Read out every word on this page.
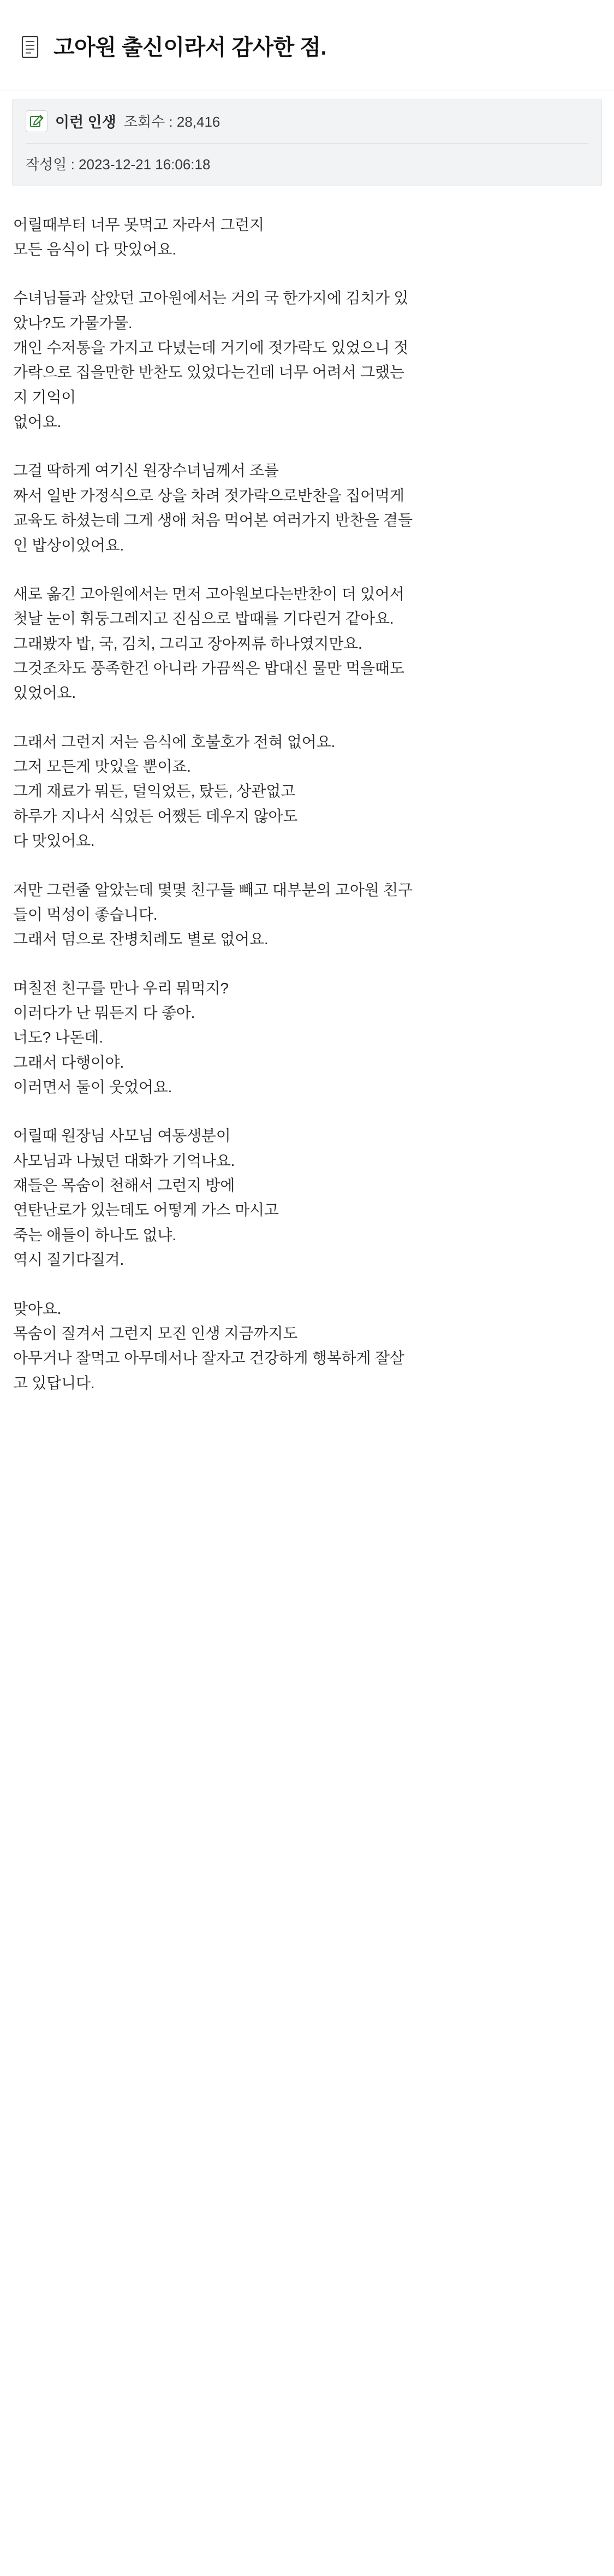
고아원 출신이라서 감사한 점.
이런 인생 조회수 : 28,416
작성일 : 2023-12-21 16:06:18
어릴때부터 너무 못먹고 자라서 그런지
모든 음식이 다 맛있어요.
수녀님들과 살았던 고아원에서는 거의 국 한가지에 김치가 있
았나?도 가물가물.
개인 수저통을 가지고 다녔는데 거기에 젓가락도 있었으니 젓
가락으로 집을만한 반찬도 있었다는건데 너무 어려서 그랬는
지 기억이
없어요.
그걸 딱하게 여기신 원장수녀님께서 조를
짜서 일반 가정식으로 상을 차려 젓가락으로반찬을 집어먹게
교육도 하셨는데 그게 생애 처음 먹어본 여러가지 반찬을 곁들
인 밥상이었어요.
새로 옮긴 고아원에서는 먼저 고아원보다는반찬이 더 있어서
첫날 눈이 휘둥그레지고 진심으로 밥때를 기다린거 같아요.
그래봤자 밥, 국, 김치, 그리고 장아찌류 하나였지만요.
그것조차도 풍족한건 아니라 가끔씩은 밥대신 물만 먹을때도
있었어요.
그래서 그런지 저는 음식에 호불호가 전혀 없어요.
그저 모든게 맛있을 뿐이죠.
그게 재료가 뭐든, 덜익었든, 탔든, 상관없고
하루가 지나서 식었든 어쨌든 데우지 않아도
다 맛있어요.
저만 그런줄 알았는데 몇몇 친구들 빼고 대부분의 고아원 친구
들이 먹성이 좋습니다.
그래서 덤으로 잔병치례도 별로 없어요.
며칠전 친구를 만나 우리 뭐먹지?
이러다가 난 뭐든지 다 좋아.
너도? 나돈데.
그래서 다행이야.
이러면서 둘이 웃었어요.
어릴때 원장님 사모님 여동생분이
사모님과 나눴던 대화가 기억나요.
쟤들은 목숨이 천해서 그런지 방에
연탄난로가 있는데도 어떻게 가스 마시고
죽는 애들이 하나도 없냐.
역시 질기다질겨.
맞아요.
목숨이 질겨서 그런지 모진 인생 지금까지도
아무거나 잘먹고 아무데서나 잘자고 건강하게 행복하게 잘살
고 있답니다.
